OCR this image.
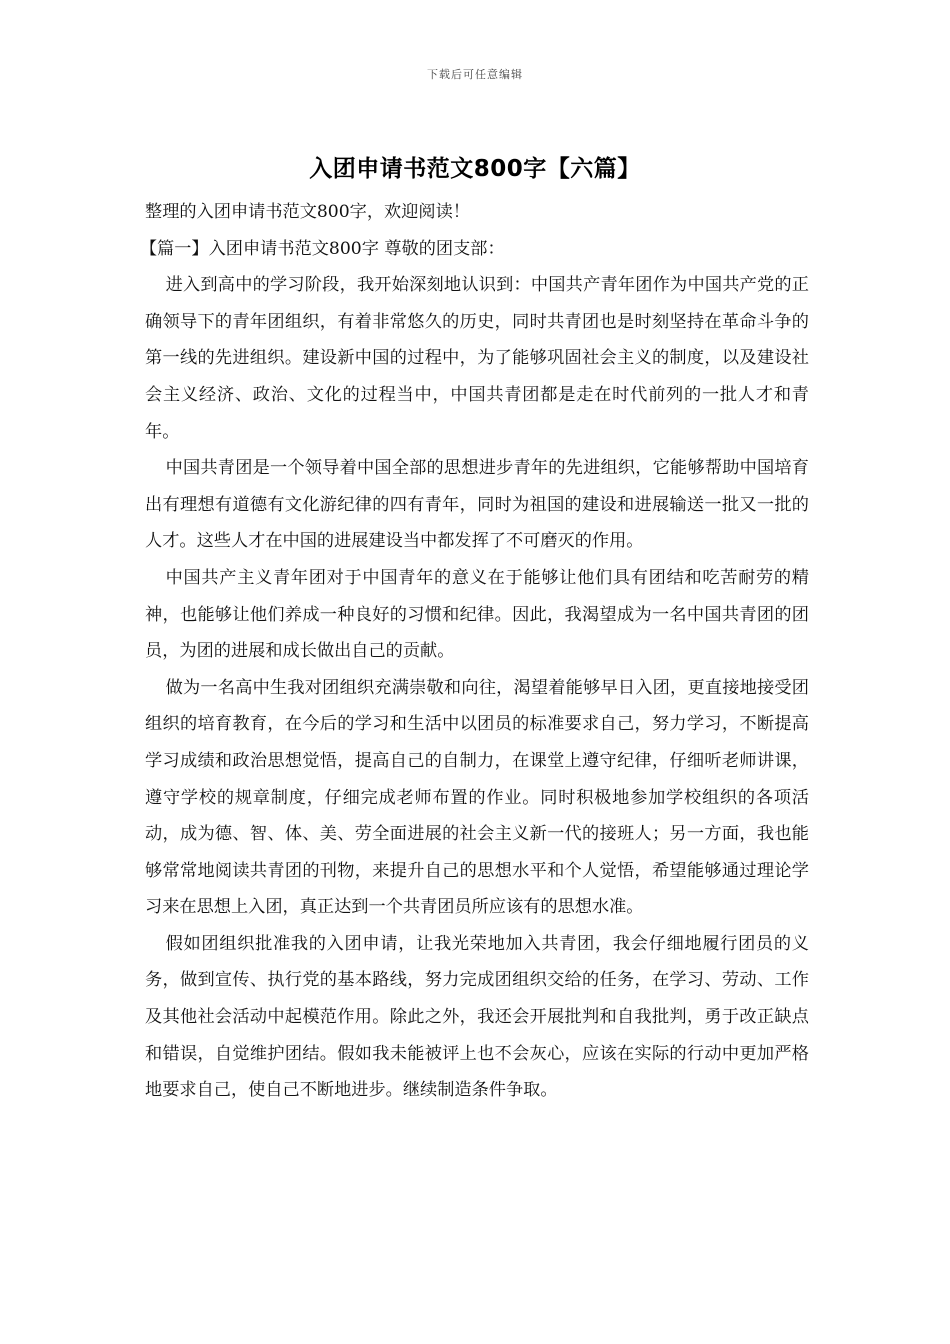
下载后可任意编辑
入团申请书范文800字【六篇】

整理的入团申请书范文800字，欢迎阅读！

【篇一】入团申请书范文800字 尊敬的团支部：

进入到高中的学习阶段，我开始深刻地认识到：中国共产青年团作为中国共产党的正确领导下的青年团组织，有着非常悠久的历史，同时共青团也是时刻坚持在革命斗争的第一线的先进组织。建设新中国的过程中，为了能够巩固社会主义的制度，以及建设社会主义经济、政治、文化的过程当中，中国共青团都是走在时代前列的一批人才和青年。

中国共青团是一个领导着中国全部的思想进步青年的先进组织，它能够帮助中国培育出有理想有道德有文化游纪律的四有青年，同时为祖国的建设和进展输送一批又一批的人才。这些人才在中国的进展建设当中都发挥了不可磨灭的作用。

中国共产主义青年团对于中国青年的意义在于能够让他们具有团结和吃苦耐劳的精神，也能够让他们养成一种良好的习惯和纪律。因此，我渴望成为一名中国共青团的团员，为团的进展和成长做出自己的贡献。

做为一名高中生我对团组织充满崇敬和向往，渴望着能够早日入团，更直接地接受团组织的培育教育，在今后的学习和生活中以团员的标准要求自己，努力学习，不断提高学习成绩和政治思想觉悟，提高自己的自制力，在课堂上遵守纪律，仔细听老师讲课，遵守学校的规章制度，仔细完成老师布置的作业。同时积极地参加学校组织的各项活动，成为德、智、体、美、劳全面进展的社会主义新一代的接班人；另一方面，我也能够常常地阅读共青团的刊物，来提升自己的思想水平和个人觉悟，希望能够通过理论学习来在思想上入团，真正达到一个共青团员所应该有的思想水准。

假如团组织批准我的入团申请，让我光荣地加入共青团，我会仔细地履行团员的义务，做到宣传、执行党的基本路线，努力完成团组织交给的任务，在学习、劳动、工作及其他社会活动中起模范作用。除此之外，我还会开展批判和自我批判，勇于改正缺点和错误，自觉维护团结。假如我未能被评上也不会灰心，应该在实际的行动中更加严格地要求自己，使自己不断地进步。继续制造条件争取。
